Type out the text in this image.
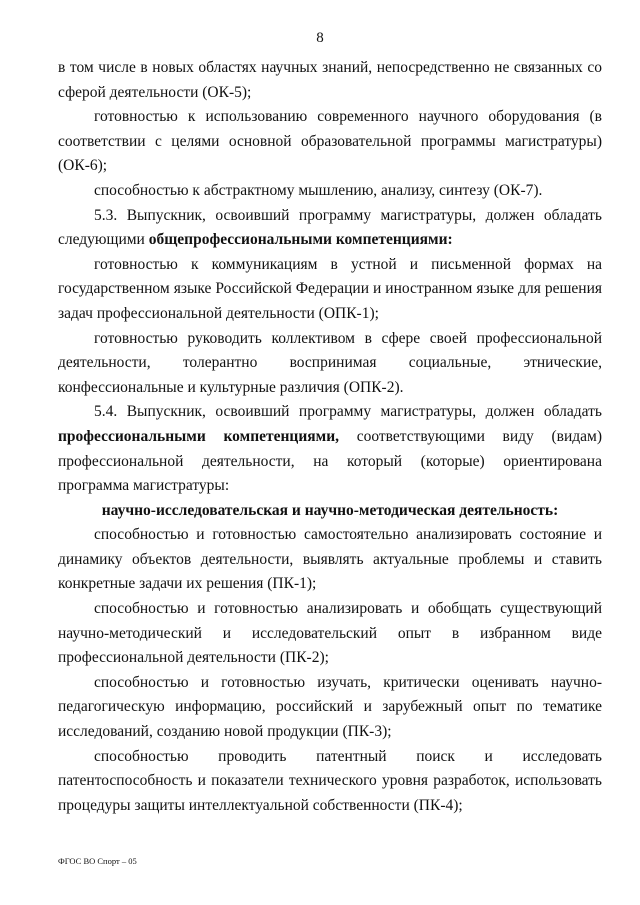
8

в том числе в новых областях научных знаний, непосредственно не связанных со сферой деятельности (ОК-5);

готовностью к использованию современного научного оборудования (в соответствии с целями основной образовательной программы магистратуры) (ОК-6);

способностью к абстрактному мышлению, анализу, синтезу (ОК-7).

5.3. Выпускник, освоивший программу магистратуры, должен обладать следующими общепрофессиональными компетенциями:

готовностью к коммуникациям в устной и письменной формах на государственном языке Российской Федерации и иностранном языке для решения задач профессиональной деятельности (ОПК-1);

готовностью руководить коллективом в сфере своей профессиональной деятельности, толерантно воспринимая социальные, этнические, конфессиональные и культурные различия (ОПК-2).

5.4. Выпускник, освоивший программу магистратуры, должен обладать профессиональными компетенциями, соответствующими виду (видам) профессиональной деятельности, на который (которые) ориентирована программа магистратуры:

научно-исследовательская и научно-методическая деятельность:

способностью и готовностью самостоятельно анализировать состояние и динамику объектов деятельности, выявлять актуальные проблемы и ставить конкретные задачи их решения (ПК-1);

способностью и готовностью анализировать и обобщать существующий научно-методический и исследовательский опыт в избранном виде профессиональной деятельности (ПК-2);

способностью и готовностью изучать, критически оценивать научно-педагогическую информацию, российский и зарубежный опыт по тематике исследований, созданию новой продукции (ПК-3);

способностью проводить патентный поиск и исследовать патентоспособность и показатели технического уровня разработок, использовать процедуры защиты интеллектуальной собственности (ПК-4);

ФГОС ВО Спорт – 05
